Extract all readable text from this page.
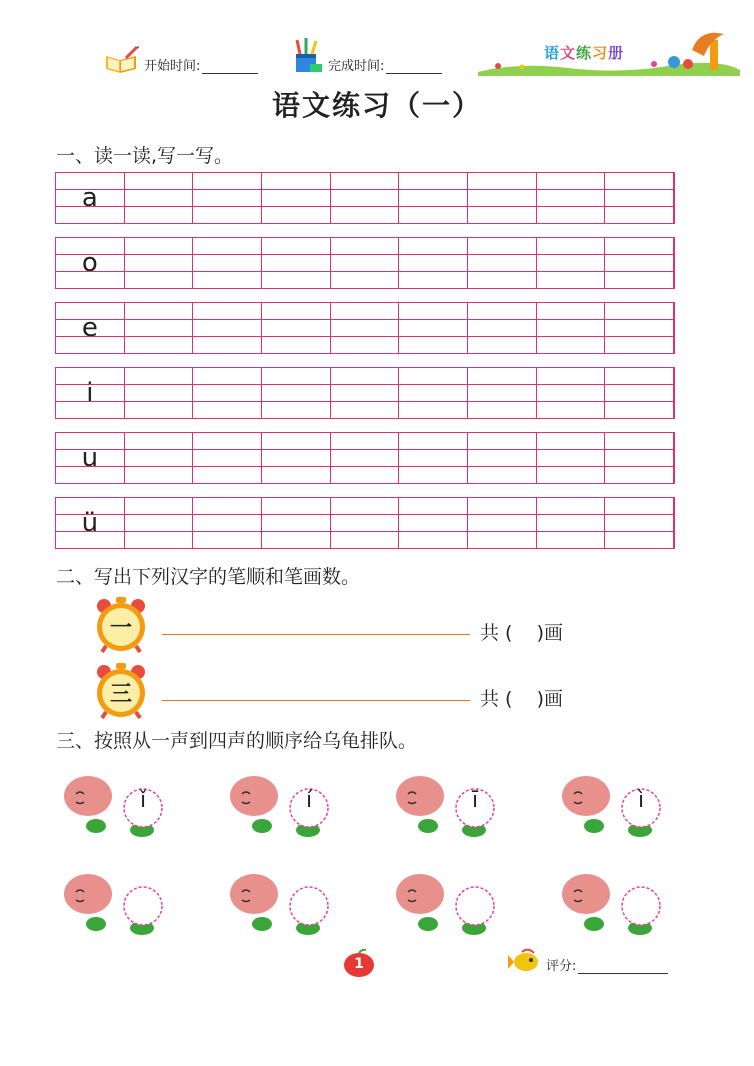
开始时间:	完成时间:
语文练习册
语文练习（一）
一、读一读,写一写。
a
o
e
i
u
ü
二、写出下列汉字的笔顺和笔画数。
一	共 (    )画
三	共 (    )画
三、按照从一声到四声的顺序给乌龟排队。
ǐ	í	ī	ì
1	评分:
